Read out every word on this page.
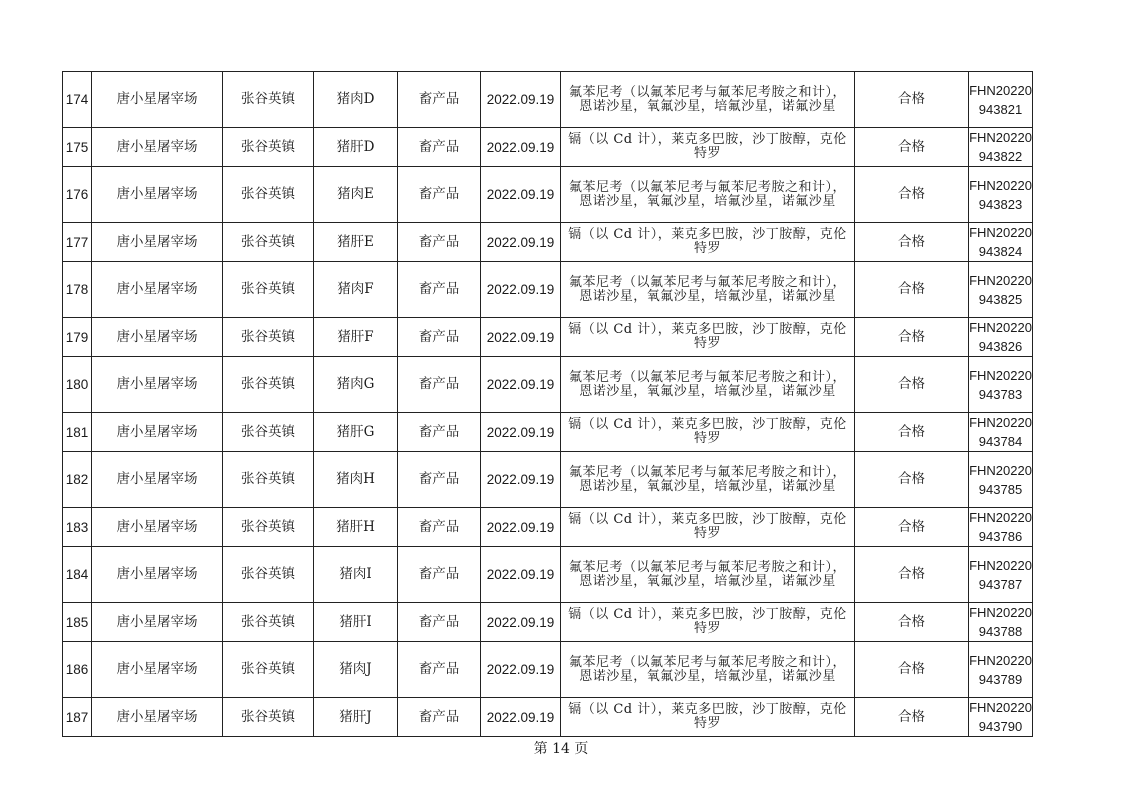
174	唐小星屠宰场	张谷英镇	猪肉D	畜产品	2022.09.19	氟苯尼考（以氟苯尼考与氟苯尼考胺之和计），恩诺沙星，氧氟沙星，培氟沙星，诺氟沙星	合格	FHN20220943821
175	唐小星屠宰场	张谷英镇	猪肝D	畜产品	2022.09.19	镉（以 Cd 计），莱克多巴胺，沙丁胺醇，克伦特罗	合格	FHN20220943822
176	唐小星屠宰场	张谷英镇	猪肉E	畜产品	2022.09.19	氟苯尼考（以氟苯尼考与氟苯尼考胺之和计），恩诺沙星，氧氟沙星，培氟沙星，诺氟沙星	合格	FHN20220943823
177	唐小星屠宰场	张谷英镇	猪肝E	畜产品	2022.09.19	镉（以 Cd 计），莱克多巴胺，沙丁胺醇，克伦特罗	合格	FHN20220943824
178	唐小星屠宰场	张谷英镇	猪肉F	畜产品	2022.09.19	氟苯尼考（以氟苯尼考与氟苯尼考胺之和计），恩诺沙星，氧氟沙星，培氟沙星，诺氟沙星	合格	FHN20220943825
179	唐小星屠宰场	张谷英镇	猪肝F	畜产品	2022.09.19	镉（以 Cd 计），莱克多巴胺，沙丁胺醇，克伦特罗	合格	FHN20220943826
180	唐小星屠宰场	张谷英镇	猪肉G	畜产品	2022.09.19	氟苯尼考（以氟苯尼考与氟苯尼考胺之和计），恩诺沙星，氧氟沙星，培氟沙星，诺氟沙星	合格	FHN20220943783
181	唐小星屠宰场	张谷英镇	猪肝G	畜产品	2022.09.19	镉（以 Cd 计），莱克多巴胺，沙丁胺醇，克伦特罗	合格	FHN20220943784
182	唐小星屠宰场	张谷英镇	猪肉H	畜产品	2022.09.19	氟苯尼考（以氟苯尼考与氟苯尼考胺之和计），恩诺沙星，氧氟沙星，培氟沙星，诺氟沙星	合格	FHN20220943785
183	唐小星屠宰场	张谷英镇	猪肝H	畜产品	2022.09.19	镉（以 Cd 计），莱克多巴胺，沙丁胺醇，克伦特罗	合格	FHN20220943786
184	唐小星屠宰场	张谷英镇	猪肉I	畜产品	2022.09.19	氟苯尼考（以氟苯尼考与氟苯尼考胺之和计），恩诺沙星，氧氟沙星，培氟沙星，诺氟沙星	合格	FHN20220943787
185	唐小星屠宰场	张谷英镇	猪肝I	畜产品	2022.09.19	镉（以 Cd 计），莱克多巴胺，沙丁胺醇，克伦特罗	合格	FHN20220943788
186	唐小星屠宰场	张谷英镇	猪肉J	畜产品	2022.09.19	氟苯尼考（以氟苯尼考与氟苯尼考胺之和计），恩诺沙星，氧氟沙星，培氟沙星，诺氟沙星	合格	FHN20220943789
187	唐小星屠宰场	张谷英镇	猪肝J	畜产品	2022.09.19	镉（以 Cd 计），莱克多巴胺，沙丁胺醇，克伦特罗	合格	FHN20220943790
第 14 页
